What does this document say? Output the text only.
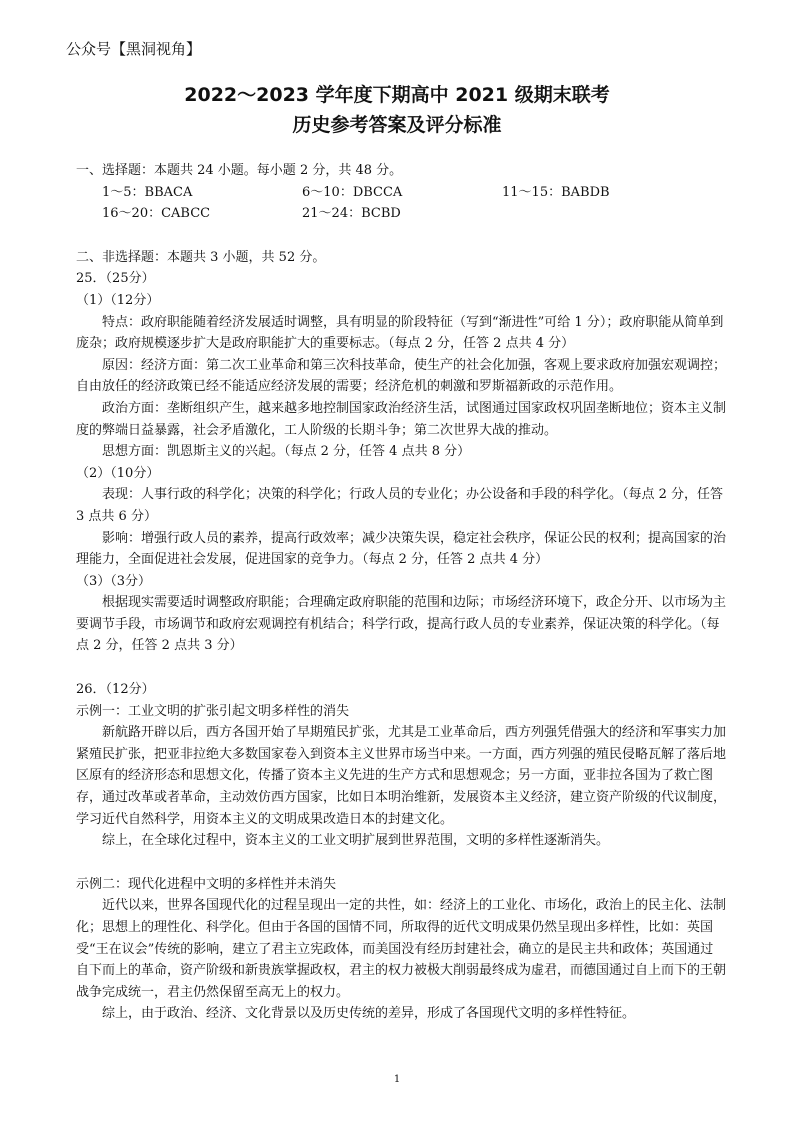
公众号【黑洞视角】
2022～2023 学年度下期高中 2021 级期末联考
历史参考答案及评分标准

一、选择题：本题共 24 小题。每小题 2 分，共 48 分。

1～5：BBACA	6～10：DBCCA	11～15：BABDB
16～20：CABCC	21～24：BCBD

二、非选择题：本题共 3 小题，共 52 分。

25．（25分）

（1）（12分）

特点：政府职能随着经济发展适时调整，具有明显的阶段特征（写到“渐进性”可给 1 分）；政府职能从简单到庞杂；政府规模逐步扩大是政府职能扩大的重要标志。（每点 2 分，任答 2 点共 4 分）

原因：经济方面：第二次工业革命和第三次科技革命，使生产的社会化加强，客观上要求政府加强宏观调控；自由放任的经济政策已经不能适应经济发展的需要；经济危机的刺激和罗斯福新政的示范作用。

政治方面：垄断组织产生，越来越多地控制国家政治经济生活，试图通过国家政权巩固垄断地位；资本主义制度的弊端日益暴露，社会矛盾激化，工人阶级的长期斗争；第二次世界大战的推动。

思想方面：凯恩斯主义的兴起。（每点 2 分，任答 4 点共 8 分）

（2）（10分）

表现：人事行政的科学化；决策的科学化；行政人员的专业化；办公设备和手段的科学化。（每点 2 分，任答 3 点共 6 分）

影响：增强行政人员的素养，提高行政效率；减少决策失误，稳定社会秩序，保证公民的权利；提高国家的治理能力，全面促进社会发展，促进国家的竞争力。（每点 2 分，任答 2 点共 4 分）

（3）（3分）

根据现实需要适时调整政府职能；合理确定政府职能的范围和边际；市场经济环境下，政企分开、以市场为主要调节手段，市场调节和政府宏观调控有机结合；科学行政，提高行政人员的专业素养，保证决策的科学化。（每点 2 分，任答 2 点共 3 分）

26．（12分）

示例一：工业文明的扩张引起文明多样性的消失

新航路开辟以后，西方各国开始了早期殖民扩张，尤其是工业革命后，西方列强凭借强大的经济和军事实力加紧殖民扩张，把亚非拉绝大多数国家卷入到资本主义世界市场当中来。一方面，西方列强的殖民侵略瓦解了落后地区原有的经济形态和思想文化，传播了资本主义先进的生产方式和思想观念；另一方面，亚非拉各国为了救亡图存，通过改革或者革命，主动效仿西方国家，比如日本明治维新，发展资本主义经济，建立资产阶级的代议制度，学习近代自然科学，用资本主义的文明成果改造日本的封建文化。

综上，在全球化过程中，资本主义的工业文明扩展到世界范围，文明的多样性逐渐消失。

示例二：现代化进程中文明的多样性并未消失

近代以来，世界各国现代化的过程呈现出一定的共性，如：经济上的工业化、市场化，政治上的民主化、法制化；思想上的理性化、科学化。但由于各国的国情不同，所取得的近代文明成果仍然呈现出多样性，比如：英国受“王在议会”传统的影响，建立了君主立宪政体，而美国没有经历封建社会，确立的是民主共和政体；英国通过自下而上的革命，资产阶级和新贵族掌握政权，君主的权力被极大削弱最终成为虚君，而德国通过自上而下的王朝战争完成统一，君主仍然保留至高无上的权力。

综上，由于政治、经济、文化背景以及历史传统的差异，形成了各国现代文明的多样性特征。

1
